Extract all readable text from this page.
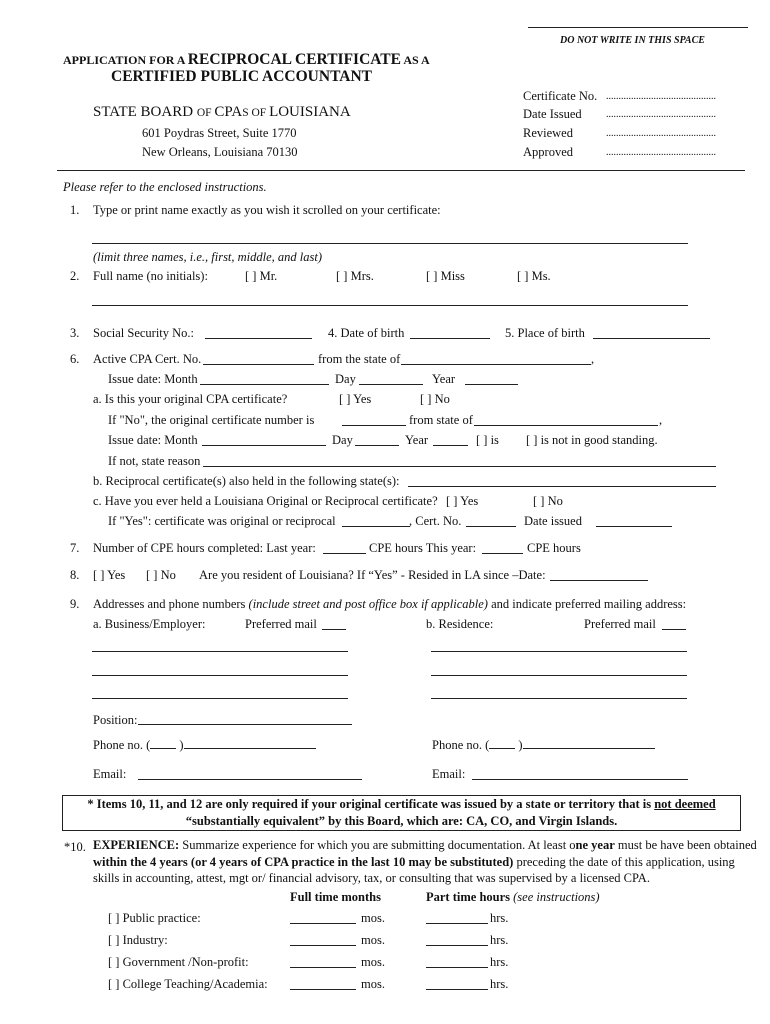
DO NOT WRITE IN THIS SPACE
APPLICATION FOR A RECIPROCAL CERTIFICATE AS A
CERTIFIED PUBLIC ACCOUNTANT
STATE BOARD OF CPAS OF LOUISIANA
601 Poydras Street, Suite 1770
New Orleans, Louisiana 70130
Certificate No.
Date Issued
Reviewed
Approved
............................................
............................................
............................................
............................................
Please refer to the enclosed instructions.
1. Type or print name exactly as you wish it scrolled on your certificate:
(limit three names, i.e., first, middle, and last)
2. Full name (no initials):	[ ] Mr.	[ ] Mrs.	[ ] Miss	[ ] Ms.
3. Social Security No.:	4. Date of birth	5. Place of birth
6. Active CPA Cert. No.	from the state of	,
Issue date: Month	Day	Year
a. Is this your original CPA certificate?	[ ] Yes	[ ] No
If "No", the original certificate number is	from state of	,
Issue date: Month	Day	Year	[ ] is [ ] is not in good standing.
If not, state reason
b. Reciprocal certificate(s) also held in the following state(s):
c. Have you ever held a Louisiana Original or Reciprocal certificate? [ ] Yes	[ ] No
If "Yes": certificate was original or reciprocal	, Cert. No.	Date issued
7. Number of CPE hours completed: Last year:	CPE hours This year:	CPE hours
8. [ ] Yes [ ] No Are you resident of Louisiana? If “Yes” - Resided in LA since –Date:
9. Addresses and phone numbers (include street and post office box if applicable) and indicate preferred mailing address:
a. Business/Employer:	Preferred mail	b. Residence:	Preferred mail
Position:
Phone no. ( )	Phone no. ( )
Email:	Email:
* Items 10, 11, and 12 are only required if your original certificate was issued by a state or territory that is not deemed
“substantially equivalent” by this Board, which are: CA, CO, and Virgin Islands.
*10. EXPERIENCE: Summarize experience for which you are submitting documentation. At least one year must be have been obtained
within the 4 years (or 4 years of CPA practice in the last 10 may be substituted) preceding the date of this application, using
skills in accounting, attest, mgt or/ financial advisory, tax, or consulting that was supervised by a licensed CPA.
Full time months	Part time hours (see instructions)
[ ] Public practice:	mos.	hrs.
[ ] Industry:	mos.	hrs.
[ ] Government /Non-profit:	mos.	hrs.
[ ] College Teaching/Academia:	mos.	hrs.
